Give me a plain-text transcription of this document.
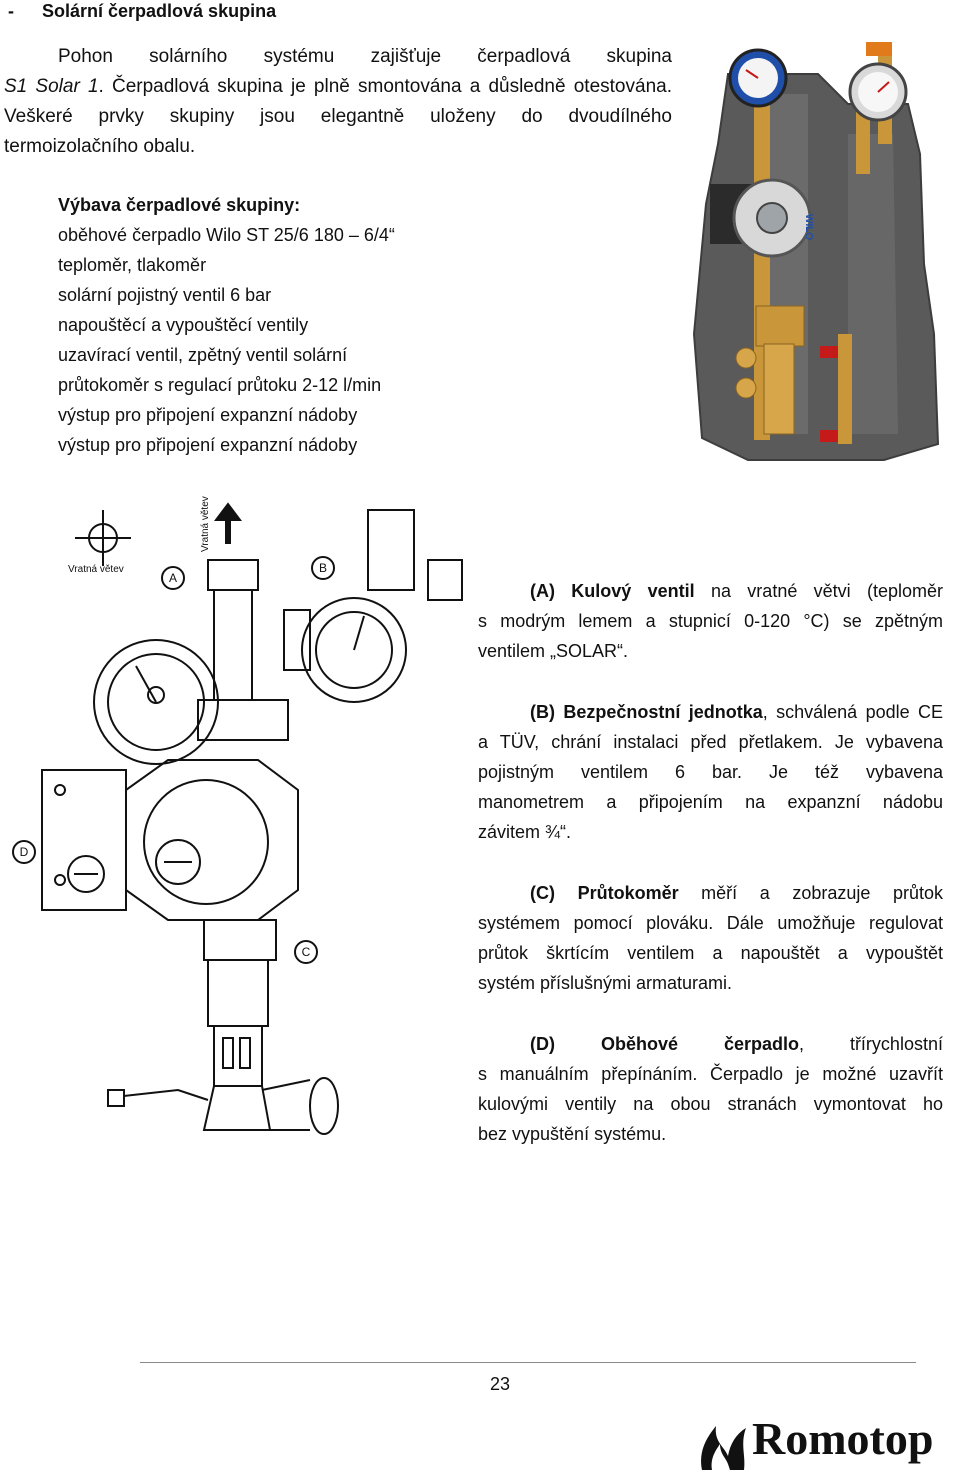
- Solární čerpadlová skupina
Pohon solárního systému zajišťuje čerpadlová skupina
S1 Solar 1. Čerpadlová skupina je plně smontována a důsledně otestována.
Veškeré prvky skupiny jsou elegantně uloženy do dvoudílného
termoizolačního obalu.
Výbava čerpadlové skupiny:
oběhové čerpadlo Wilo ST 25/6 180 – 6/4“
teploměr, tlakoměr
solární pojistný ventil 6 bar
napouštěcí a vypouštěcí ventily
uzavírací ventil, zpětný ventil solární
průtokoměr s regulací průtoku 2-12 l/min
výstup pro připojení expanzní nádoby
výstup pro připojení expanzní nádoby
WILO
Vratná větev
Vratná větev
A
B
C
D
(A) Kulový ventil na vratné větvi (teploměr
s modrým lemem a stupnicí 0-120 °C) se zpětným
ventilem „SOLAR“.
(B) Bezpečnostní jednotka, schválená podle CE
a TÜV, chrání instalaci před přetlakem. Je vybavena
pojistným ventilem 6 bar. Je též vybavena
manometrem a připojením na expanzní nádobu
závitem ¾“.
(C) Průtokoměr měří a zobrazuje průtok
systémem pomocí plováku. Dále umožňuje regulovat
průtok škrtícím ventilem a napouštět a vypouštět
systém příslušnými armaturami.
(D)	Oběhové	čerpadlo,	třírychlostní
s manuálním přepínáním. Čerpadlo je možné uzavřít
kulovými ventily na obou stranách vymontovat ho
bez vypuštění systému.
23
Romotop
